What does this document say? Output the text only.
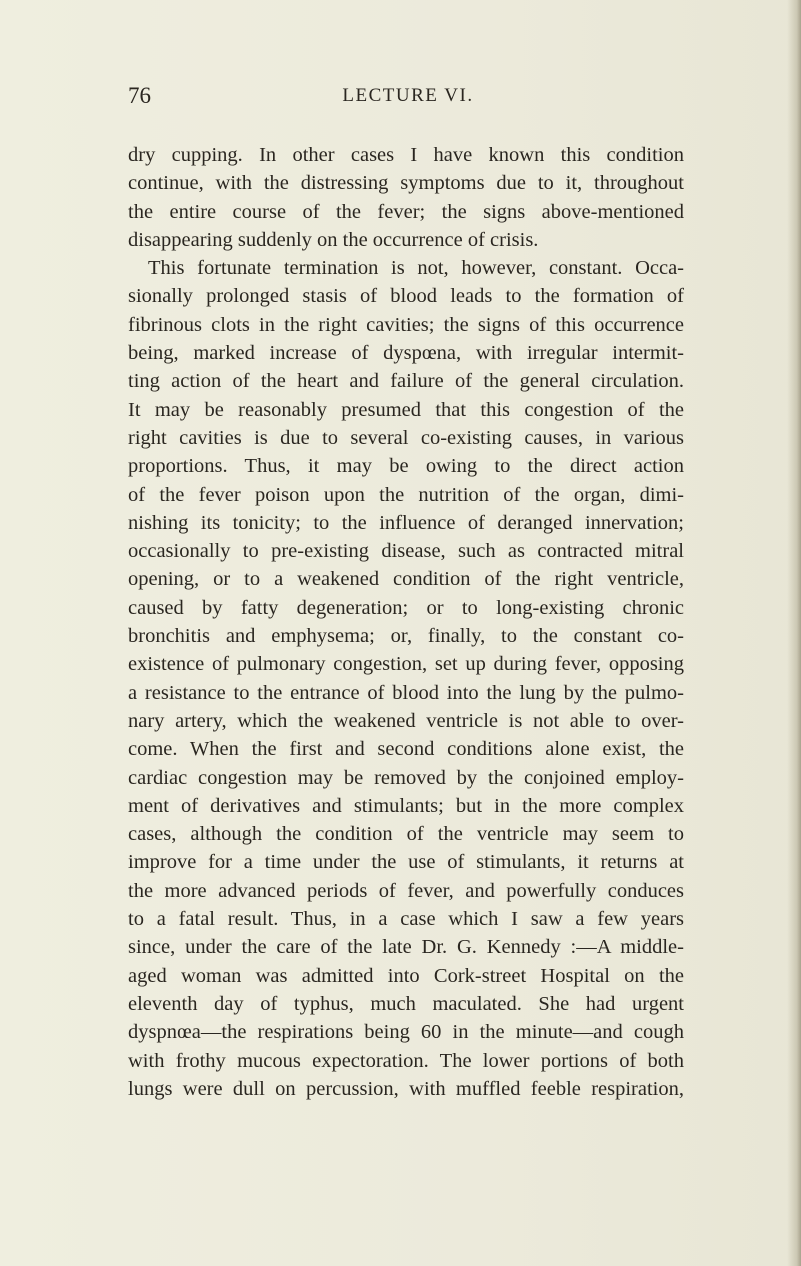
76	LECTURE VI.
dry cupping. In other cases I have known this condition
continue, with the distressing symptoms due to it, throughout
the entire course of the fever; the signs above-mentioned
disappearing suddenly on the occurrence of crisis.
This fortunate termination is not, however, constant. Occa-
sionally prolonged stasis of blood leads to the formation of
fibrinous clots in the right cavities; the signs of this occurrence
being, marked increase of dyspœna, with irregular intermit-
ting action of the heart and failure of the general circulation.
It may be reasonably presumed that this congestion of the
right cavities is due to several co-existing causes, in various
proportions. Thus, it may be owing to the direct action
of the fever poison upon the nutrition of the organ, dimi-
nishing its tonicity; to the influence of deranged innervation;
occasionally to pre-existing disease, such as contracted mitral
opening, or to a weakened condition of the right ventricle,
caused by fatty degeneration; or to long-existing chronic
bronchitis and emphysema; or, finally, to the constant co-
existence of pulmonary congestion, set up during fever, opposing
a resistance to the entrance of blood into the lung by the pulmo-
nary artery, which the weakened ventricle is not able to over-
come. When the first and second conditions alone exist, the
cardiac congestion may be removed by the conjoined employ-
ment of derivatives and stimulants; but in the more complex
cases, although the condition of the ventricle may seem to
improve for a time under the use of stimulants, it returns at
the more advanced periods of fever, and powerfully conduces
to a fatal result. Thus, in a case which I saw a few years
since, under the care of the late Dr. G. Kennedy :—A middle-
aged woman was admitted into Cork-street Hospital on the
eleventh day of typhus, much maculated. She had urgent
dyspnœa—the respirations being 60 in the minute—and cough
with frothy mucous expectoration. The lower portions of both
lungs were dull on percussion, with muffled feeble respiration,
